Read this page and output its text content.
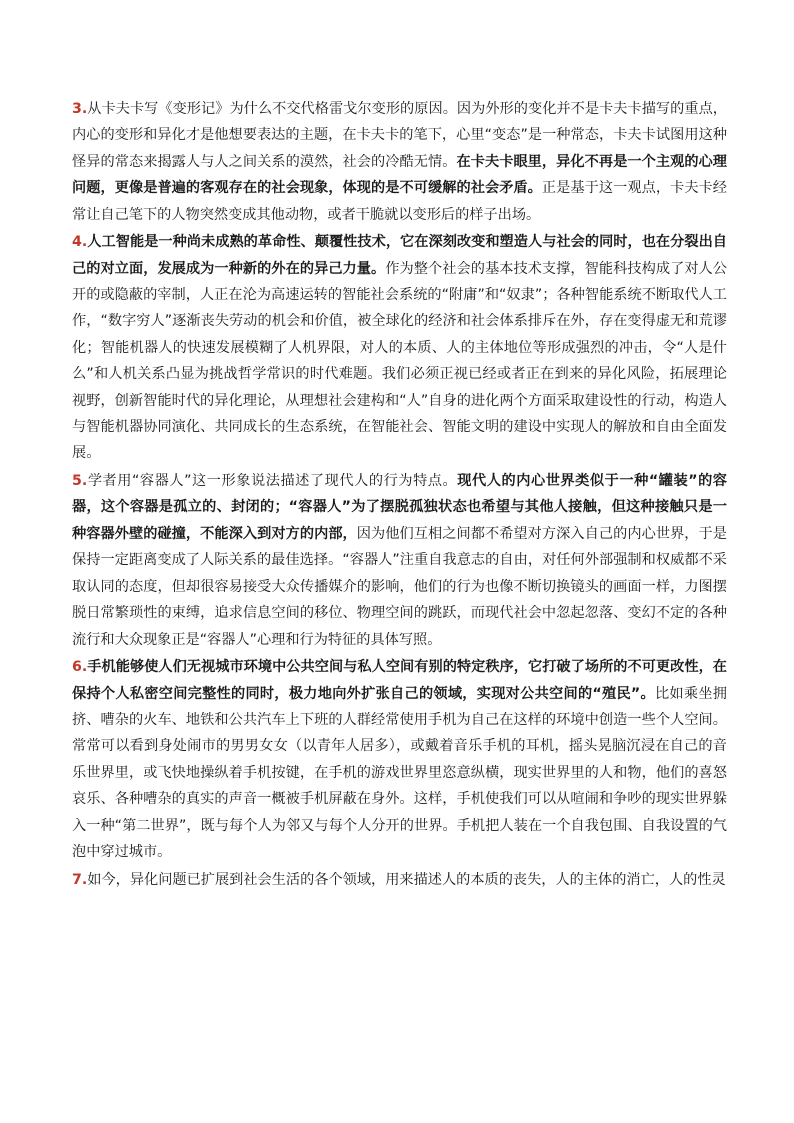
3.从卡夫卡写《变形记》为什么不交代格雷戈尔变形的原因。因为外形的变化并不是卡夫卡描写的重点，内心的变形和异化才是他想要表达的主题，在卡夫卡的笔下，心里“变态”是一种常态，卡夫卡试图用这种怪异的常态来揭露人与人之间关系的漠然，社会的冷酷无情。在卡夫卡眼里，异化不再是一个主观的心理问题，更像是普遍的客观存在的社会现象，体现的是不可缓解的社会矛盾。正是基于这一观点，卡夫卡经常让自己笔下的人物突然变成其他动物，或者干脆就以变形后的样子出场。

4.人工智能是一种尚未成熟的革命性、颠覆性技术，它在深刻改变和塑造人与社会的同时，也在分裂出自己的对立面，发展成为一种新的外在的异己力量。作为整个社会的基本技术支撑，智能科技构成了对人公开的或隐蔽的宰制，人正在沦为高速运转的智能社会系统的“附庸”和“奴隶”；各种智能系统不断取代人工作，“数字穷人”逐渐丧失劳动的机会和价值，被全球化的经济和社会体系排斥在外，存在变得虚无和荒谬化；智能机器人的快速发展模糊了人机界限，对人的本质、人的主体地位等形成强烈的冲击，令“人是什么”和人机关系凸显为挑战哲学常识的时代难题。我们必须正视已经或者正在到来的异化风险，拓展理论视野，创新智能时代的异化理论，从理想社会建构和“人”自身的进化两个方面采取建设性的行动，构造人与智能机器协同演化、共同成长的生态系统，在智能社会、智能文明的建设中实现人的解放和自由全面发展。

5.学者用“容器人”这一形象说法描述了现代人的行为特点。现代人的内心世界类似于一种“罐装”的容器，这个容器是孤立的、封闭的；“容器人”为了摆脱孤独状态也希望与其他人接触，但这种接触只是一种容器外壁的碰撞，不能深入到对方的内部，因为他们互相之间都不希望对方深入自己的内心世界，于是保持一定距离变成了人际关系的最佳选择。“容器人”注重自我意志的自由，对任何外部强制和权威都不采取认同的态度，但却很容易接受大众传播媒介的影响，他们的行为也像不断切换镜头的画面一样，力图摆脱日常繁琐性的束缚，追求信息空间的移位、物理空间的跳跃，而现代社会中忽起忽落、变幻不定的各种流行和大众现象正是“容器人”心理和行为特征的具体写照。

6.手机能够使人们无视城市环境中公共空间与私人空间有别的特定秩序，它打破了场所的不可更改性，在保持个人私密空间完整性的同时，极力地向外扩张自己的领域，实现对公共空间的“殖民”。比如乘坐拥挤、嘈杂的火车、地铁和公共汽车上下班的人群经常使用手机为自己在这样的环境中创造一些个人空间。常常可以看到身处闹市的男男女女（以青年人居多），或戴着音乐手机的耳机，摇头晃脑沉浸在自己的音乐世界里，或飞快地操纵着手机按键，在手机的游戏世界里恣意纵横，现实世界里的人和物，他们的喜怒哀乐、各种嘈杂的真实的声音一概被手机屏蔽在身外。这样，手机使我们可以从喧闹和争吵的现实世界躲入一种“第二世界”，既与每个人为邻又与每个人分开的世界。手机把人装在一个自我包围、自我设置的气泡中穿过城市。

7.如今，异化问题已扩展到社会生活的各个领域，用来描述人的本质的丧失，人的主体的消亡，人的性灵
